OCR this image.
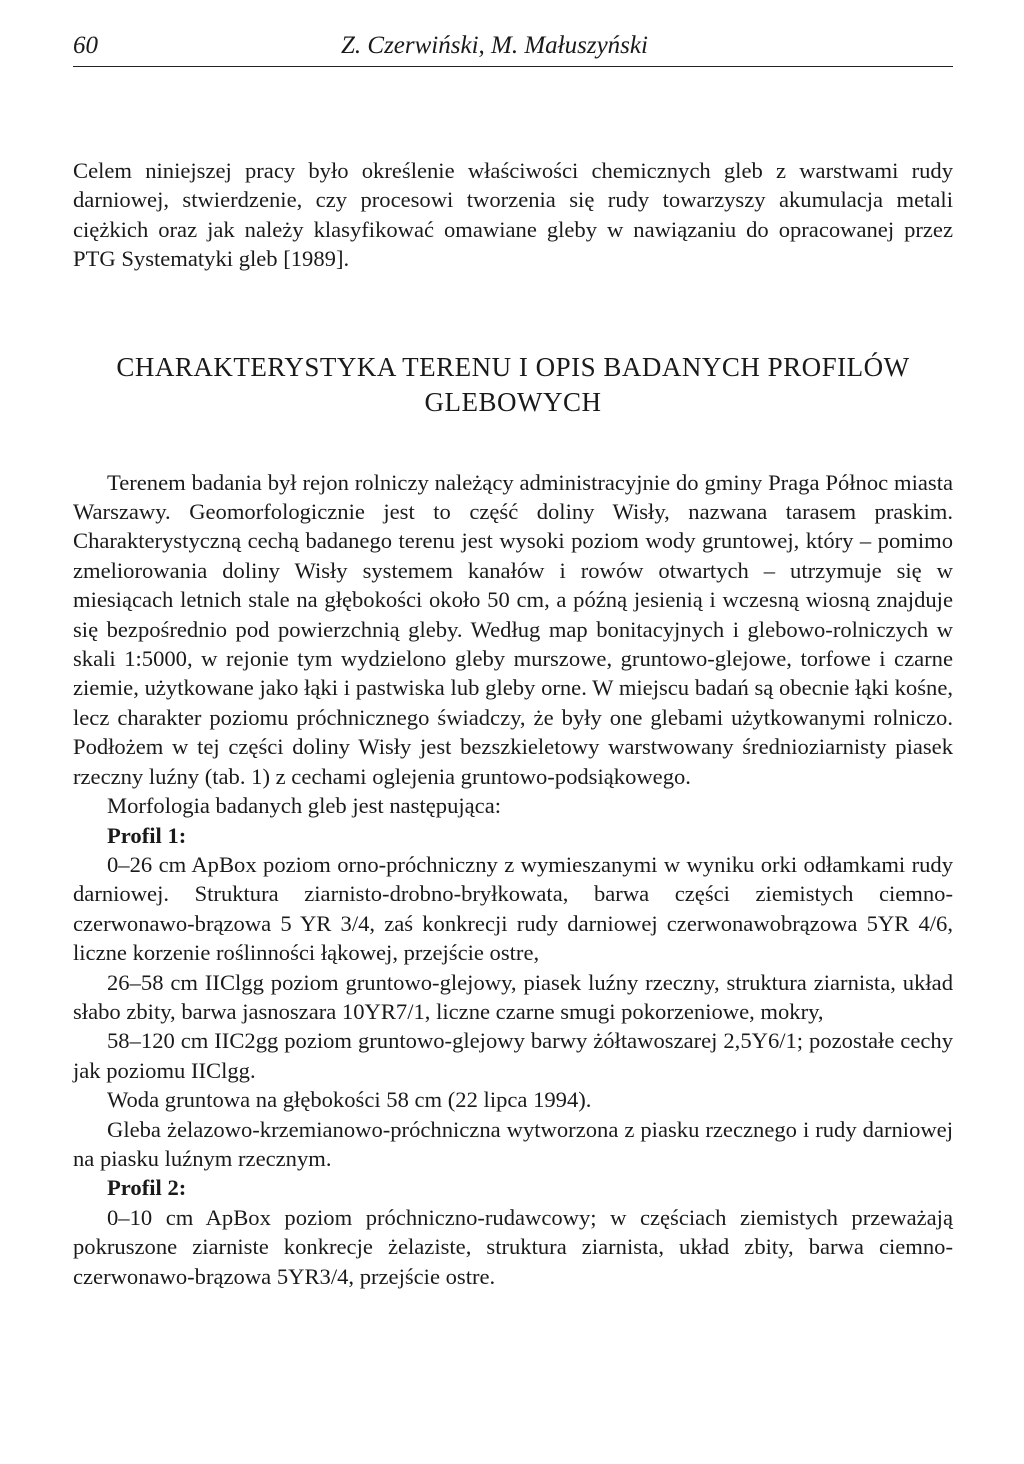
60	Z. Czerwiński, M. Małuszyński

Celem niniejszej pracy było określenie właściwości chemicznych gleb z warstwami rudy darniowej, stwierdzenie, czy procesowi tworzenia się rudy towarzyszy akumulacja metali ciężkich oraz jak należy klasyfikować omawiane gleby w nawiązaniu do opracowanej przez PTG Systematyki gleb [1989].

CHARAKTERYSTYKA TERENU I OPIS BADANYCH PROFILÓW GLEBOWYCH

Terenem badania był rejon rolniczy należący administracyjnie do gminy Praga Północ miasta Warszawy. Geomorfologicznie jest to część doliny Wisły, nazwana tarasem praskim. Charakterystyczną cechą badanego terenu jest wysoki poziom wody gruntowej, który – pomimo zmeliorowania doliny Wisły systemem kanałów i rowów otwartych – utrzymuje się w miesiącach letnich stale na głębokości około 50 cm, a późną jesienią i wczesną wiosną znajduje się bezpośrednio pod powierzchnią gleby. Według map bonitacyjnych i glebowo-rolniczych w skali 1:5000, w rejonie tym wydzielono gleby murszowe, gruntowo-glejowe, torfowe i czarne ziemie, użytkowane jako łąki i pastwiska lub gleby orne. W miejscu badań są obecnie łąki kośne, lecz charakter poziomu próchnicznego świadczy, że były one glebami użytkowanymi rolniczo. Podłożem w tej części doliny Wisły jest bezszkieletowy warstwowany średnioziarnisty piasek rzeczny luźny (tab. 1) z cechami oglejenia gruntowo-podsiąkowego.

Morfologia badanych gleb jest następująca:

Profil 1:

0–26 cm ApBox poziom orno-próchniczny z wymieszanymi w wyniku orki odłamkami rudy darniowej. Struktura ziarnisto-drobno-bryłkowata, barwa części ziemistych ciemno-czerwonawo-brązowa 5 YR 3/4, zaś konkrecji rudy darniowej czerwonawobrązowa 5YR 4/6, liczne korzenie roślinności łąkowej, przejście ostre,

26–58 cm IIClgg poziom gruntowo-glejowy, piasek luźny rzeczny, struktura ziarnista, układ słabo zbity, barwa jasnoszara 10YR7/1, liczne czarne smugi pokorzeniowe, mokry,

58–120 cm IIC2gg poziom gruntowo-glejowy barwy żółtawoszarej 2,5Y6/1; pozostałe cechy jak poziomu IIClgg.

Woda gruntowa na głębokości 58 cm (22 lipca 1994).

Gleba żelazowo-krzemianowo-próchniczna wytworzona z piasku rzecznego i rudy darniowej na piasku luźnym rzecznym.

Profil 2:

0–10 cm ApBox poziom próchniczno-rudawcowy; w częściach ziemistych przeważają pokruszone ziarniste konkrecje żelaziste, struktura ziarnista, układ zbity, barwa ciemno-czerwonawo-brązowa 5YR3/4, przejście ostre.
